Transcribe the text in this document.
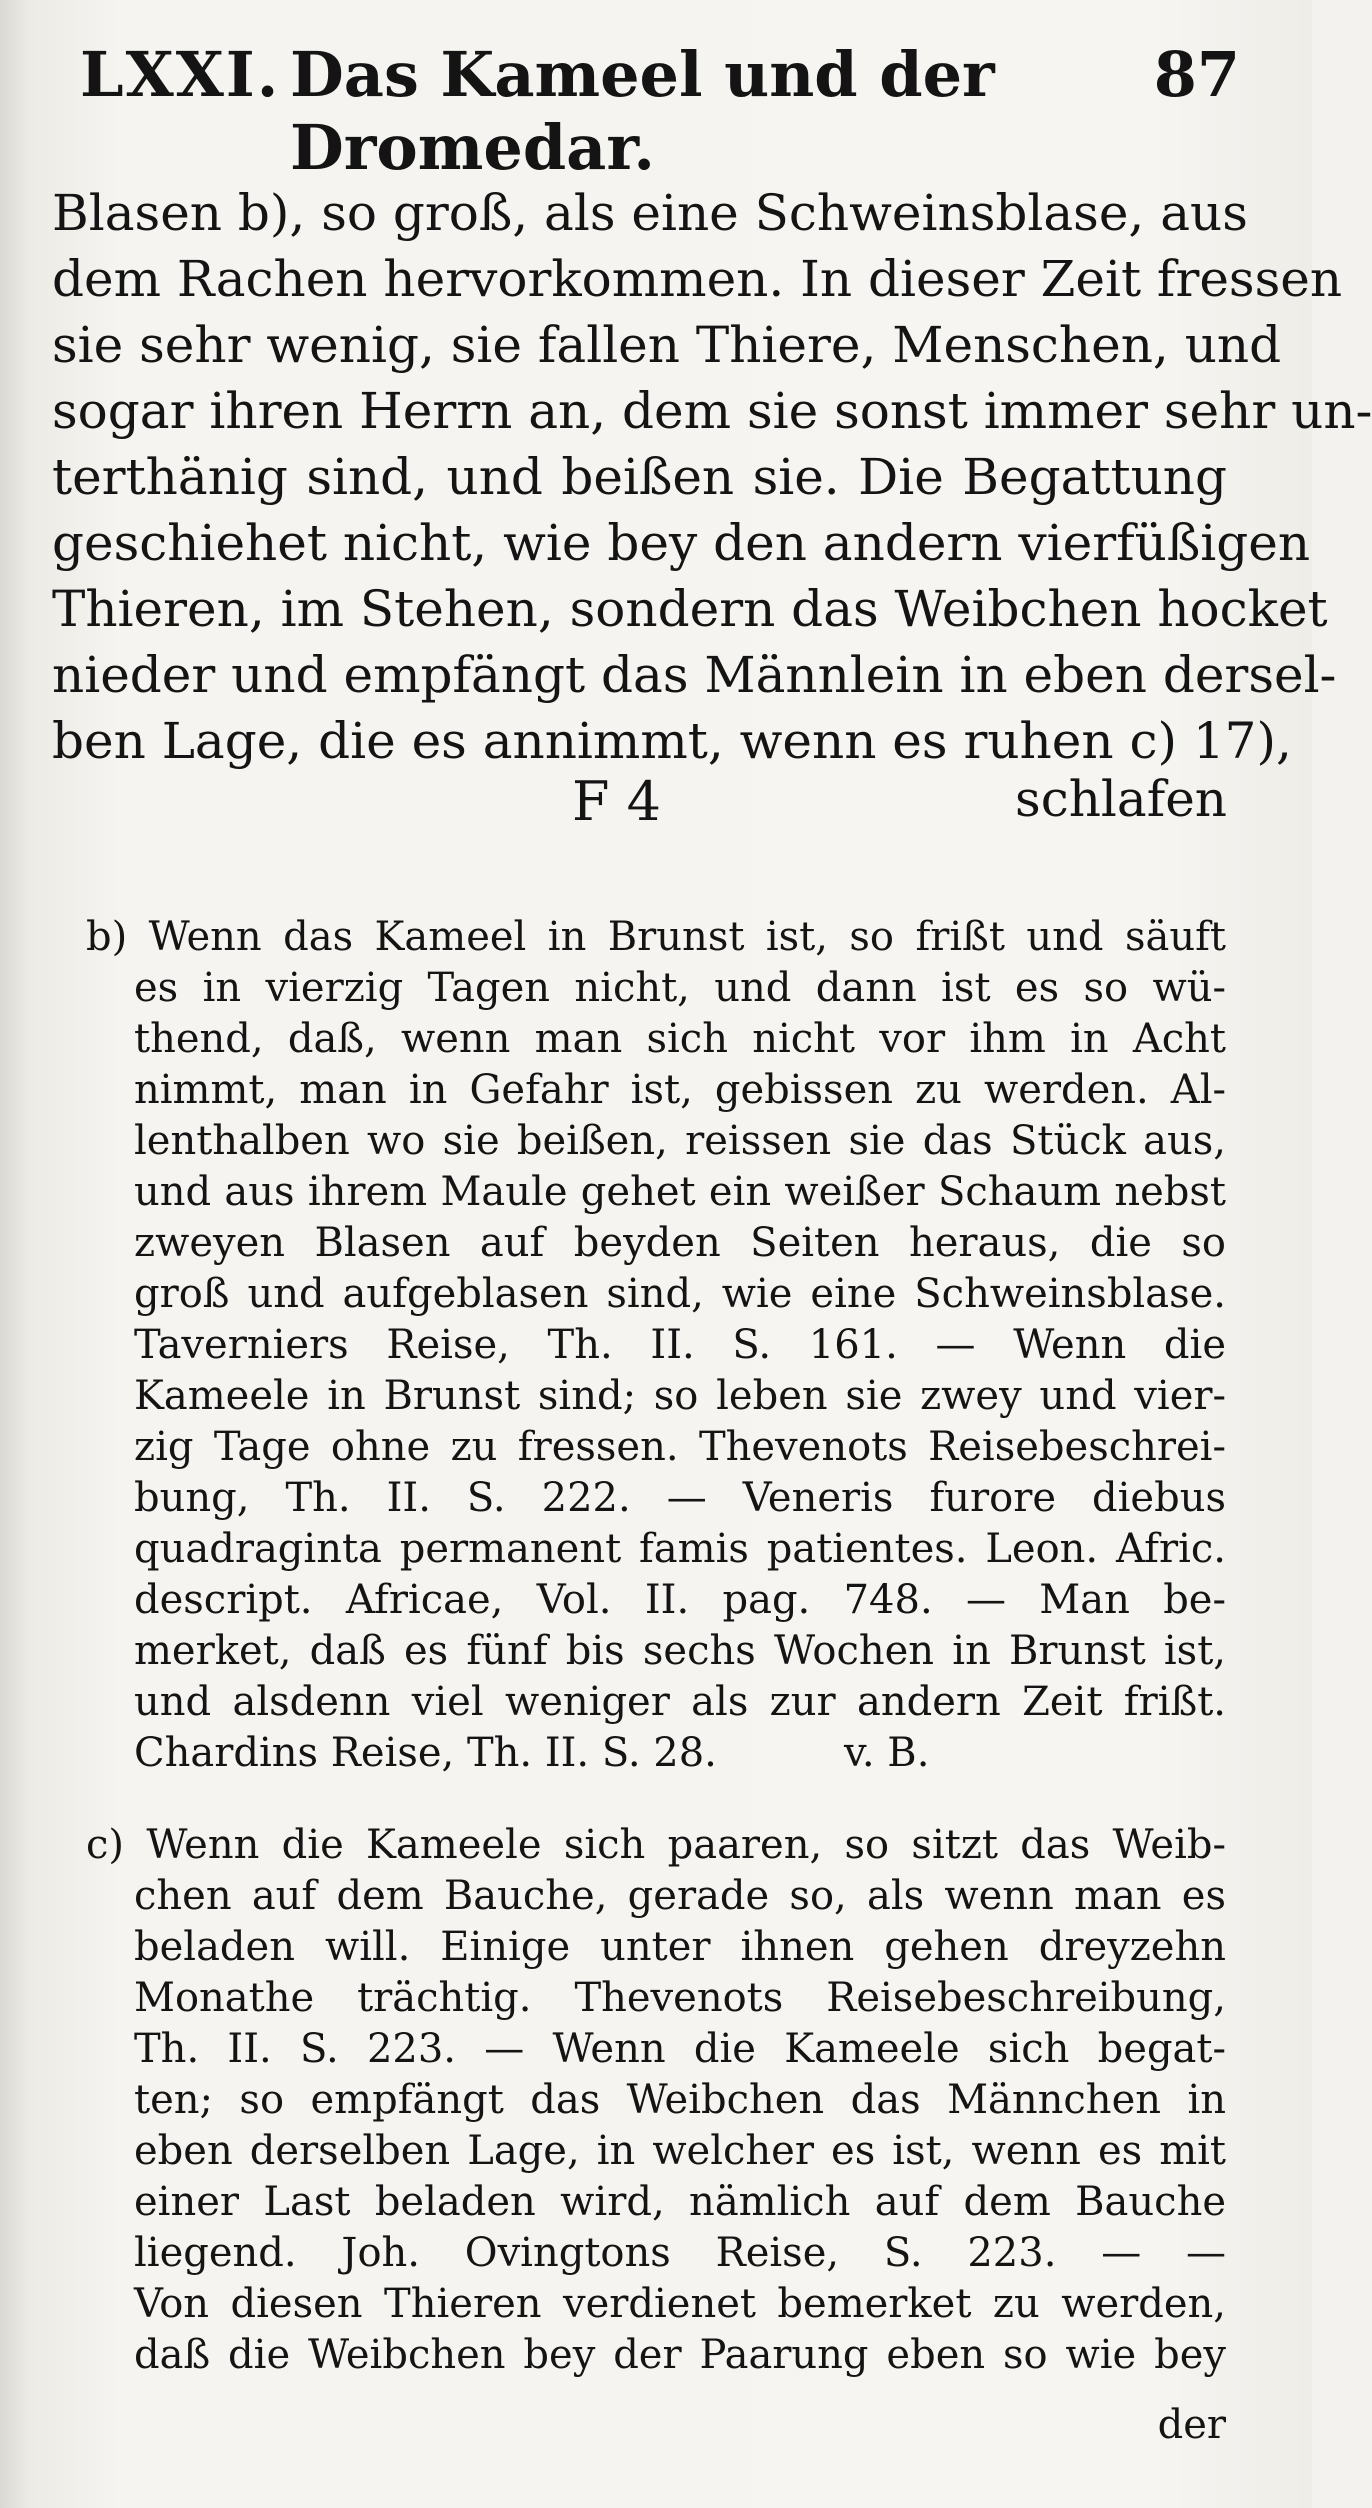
LXXI. Das Kameel und der Dromedar.
87
Blasen b), so groß, als eine Schweinsblase, aus
dem Rachen hervorkommen. In dieser Zeit fressen
sie sehr wenig, sie fallen Thiere, Menschen, und
sogar ihren Herrn an, dem sie sonst immer sehr un-
terthänig sind, und beißen sie. Die Begattung
geschiehet nicht, wie bey den andern vierfüßigen
Thieren, im Stehen, sondern das Weibchen hocket
nieder und empfängt das Männlein in eben dersel-
ben Lage, die es annimmt, wenn es ruhen c) 17),
F 4	schlafen
b) Wenn das Kameel in Brunst ist, so frißt und säuft
es in vierzig Tagen nicht, und dann ist es so wü-
thend, daß, wenn man sich nicht vor ihm in Acht
nimmt, man in Gefahr ist, gebissen zu werden. Al-
lenthalben wo sie beißen, reissen sie das Stück aus,
und aus ihrem Maule gehet ein weißer Schaum nebst
zweyen Blasen auf beyden Seiten heraus, die so
groß und aufgeblasen sind, wie eine Schweinsblase.
Taverniers Reise, Th. II. S. 161. — Wenn die
Kameele in Brunst sind; so leben sie zwey und vier-
zig Tage ohne zu fressen. Thevenots Reisebeschrei-
bung, Th. II. S. 222. — Veneris furore diebus
quadraginta permanent famis patientes. Leon. Afric.
descript. Africae, Vol. II. pag. 748. — Man be-
merket, daß es fünf bis sechs Wochen in Brunst ist,
und alsdenn viel weniger als zur andern Zeit frißt.
Chardins Reise, Th. II. S. 28.          v. B.
c) Wenn die Kameele sich paaren, so sitzt das Weib-
chen auf dem Bauche, gerade so, als wenn man es
beladen will. Einige unter ihnen gehen dreyzehn
Monathe trächtig. Thevenots Reisebeschreibung,
Th. II. S. 223. — Wenn die Kameele sich begat-
ten; so empfängt das Weibchen das Männchen in
eben derselben Lage, in welcher es ist, wenn es mit
einer Last beladen wird, nämlich auf dem Bauche
liegend. Joh. Ovingtons Reise, S. 223. — —
Von diesen Thieren verdienet bemerket zu werden,
daß die Weibchen bey der Paarung eben so wie bey
der
